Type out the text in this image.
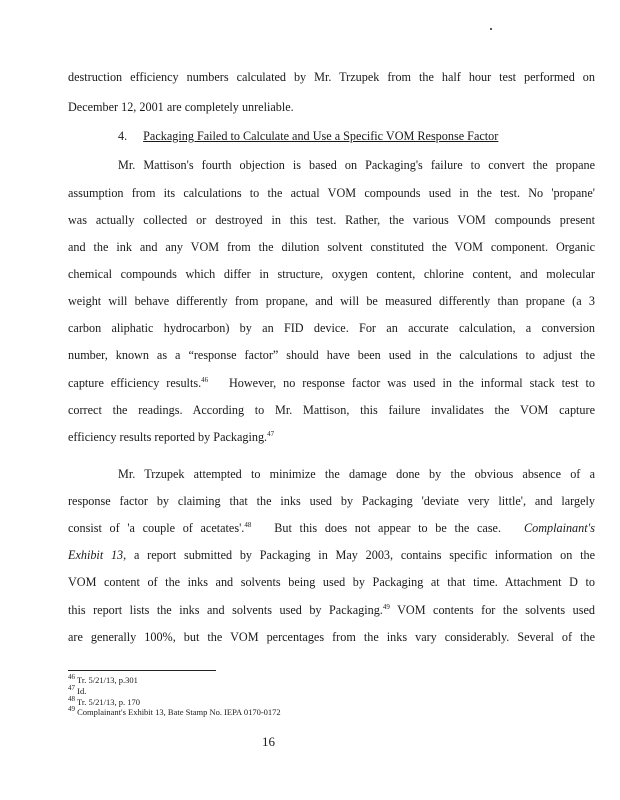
destruction efficiency numbers calculated by Mr. Trzupek from the half hour test performed on
December 12, 2001 are completely unreliable.
4. Packaging Failed to Calculate and Use a Specific VOM Response Factor
Mr. Mattison's fourth objection is based on Packaging's failure to convert the propane
assumption from its calculations to the actual VOM compounds used in the test. No 'propane'
was actually collected or destroyed in this test. Rather, the various VOM compounds present
and the ink and any VOM from the dilution solvent constituted the VOM component. Organic
chemical compounds which differ in structure, oxygen content, chlorine content, and molecular
weight will behave differently from propane, and will be measured differently than propane (a 3
carbon aliphatic hydrocarbon) by an FID device. For an accurate calculation, a conversion
number, known as a “response factor” should have been used in the calculations to adjust the
capture efficiency results.$^{46}$   However, no response factor was used in the informal stack test to
correct the readings. According to Mr. Mattison, this failure invalidates the VOM capture
efficiency results reported by Packaging.$^{47}$
Mr. Trzupek attempted to minimize the damage done by the obvious absence of a
response factor by claiming that the inks used by Packaging 'deviate very little', and largely
consist of 'a couple of acetates'.$^{48}$   But this does not appear to be the case.   Complainant's
Exhibit 13, a report submitted by Packaging in May 2003, contains specific information on the
VOM content of the inks and solvents being used by Packaging at that time. Attachment D to
this report lists the inks and solvents used by Packaging.$^{49}$ VOM contents for the solvents used
are generally 100%, but the VOM percentages from the inks vary considerably. Several of the
$^{46}$ Tr. 5/21/13, p.301
$^{47}$ Id.
$^{48}$ Tr. 5/21/13, p. 170
$^{49}$ Complainant's Exhibit 13, Bate Stamp No. IEPA 0170-0172
16
